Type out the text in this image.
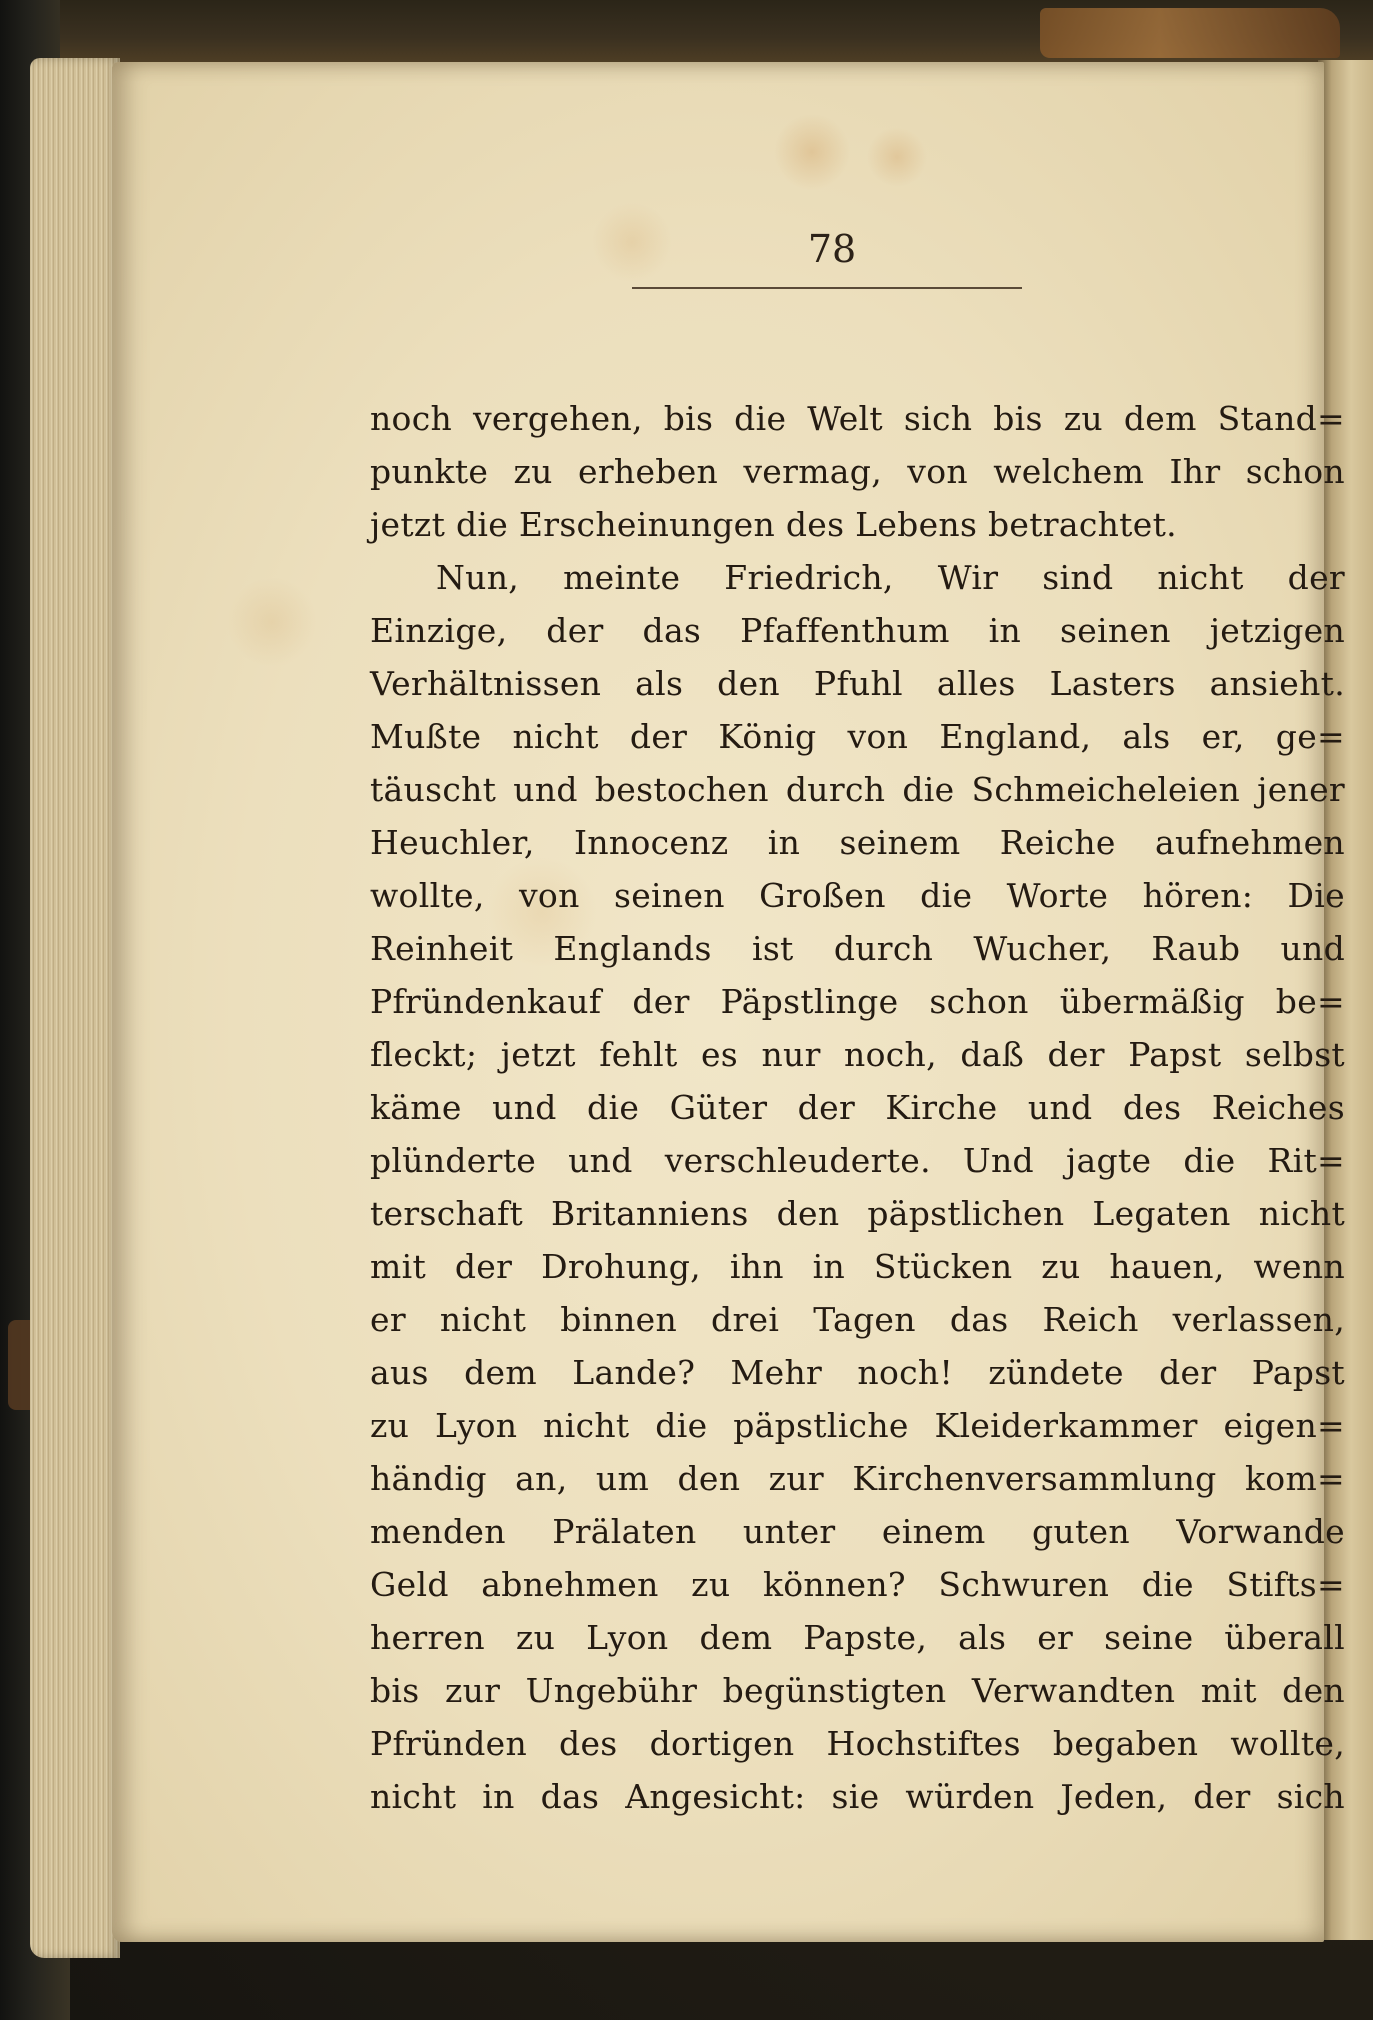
78
noch vergehen, bis die Welt sich bis zu dem Stand=
punkte zu erheben vermag, von welchem Ihr schon
jetzt die Erscheinungen des Lebens betrachtet.
Nun, meinte Friedrich, Wir sind nicht der
Einzige, der das Pfaffenthum in seinen jetzigen
Verhältnissen als den Pfuhl alles Lasters ansieht.
Mußte nicht der König von England, als er, ge=
täuscht und bestochen durch die Schmeicheleien jener
Heuchler, Innocenz in seinem Reiche aufnehmen
wollte, von seinen Großen die Worte hören: Die
Reinheit Englands ist durch Wucher, Raub und
Pfründenkauf der Päpstlinge schon übermäßig be=
fleckt; jetzt fehlt es nur noch, daß der Papst selbst
käme und die Güter der Kirche und des Reiches
plünderte und verschleuderte. Und jagte die Rit=
terschaft Britanniens den päpstlichen Legaten nicht
mit der Drohung, ihn in Stücken zu hauen, wenn
er nicht binnen drei Tagen das Reich verlassen,
aus dem Lande? Mehr noch! zündete der Papst
zu Lyon nicht die päpstliche Kleiderkammer eigen=
händig an, um den zur Kirchenversammlung kom=
menden Prälaten unter einem guten Vorwande
Geld abnehmen zu können? Schwuren die Stifts=
herren zu Lyon dem Papste, als er seine überall
bis zur Ungebühr begünstigten Verwandten mit den
Pfründen des dortigen Hochstiftes begaben wollte,
nicht in das Angesicht: sie würden Jeden, der sich
